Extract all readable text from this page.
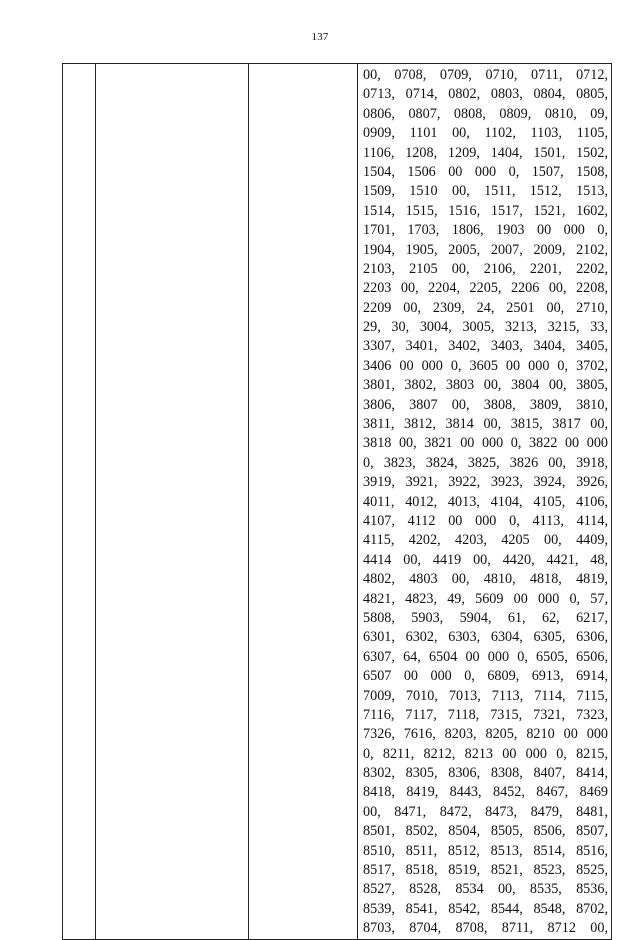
137

00, 0708, 0709, 0710, 0711, 0712,
0713, 0714, 0802, 0803, 0804, 0805,
0806, 0807, 0808, 0809, 0810, 09,
0909, 1101 00, 1102, 1103, 1105,
1106, 1208, 1209, 1404, 1501, 1502,
1504, 1506 00 000 0, 1507, 1508,
1509, 1510 00, 1511, 1512, 1513,
1514, 1515, 1516, 1517, 1521, 1602,
1701, 1703, 1806, 1903 00 000 0,
1904, 1905, 2005, 2007, 2009, 2102,
2103, 2105 00, 2106, 2201, 2202,
2203 00, 2204, 2205, 2206 00, 2208,
2209 00, 2309, 24, 2501 00, 2710,
29, 30, 3004, 3005, 3213, 3215, 33,
3307, 3401, 3402, 3403, 3404, 3405,
3406 00 000 0, 3605 00 000 0, 3702,
3801, 3802, 3803 00, 3804 00, 3805,
3806, 3807 00, 3808, 3809, 3810,
3811, 3812, 3814 00, 3815, 3817 00,
3818 00, 3821 00 000 0, 3822 00 000
0, 3823, 3824, 3825, 3826 00, 3918,
3919, 3921, 3922, 3923, 3924, 3926,
4011, 4012, 4013, 4104, 4105, 4106,
4107, 4112 00 000 0, 4113, 4114,
4115, 4202, 4203, 4205 00, 4409,
4414 00, 4419 00, 4420, 4421, 48,
4802, 4803 00, 4810, 4818, 4819,
4821, 4823, 49, 5609 00 000 0, 57,
5808, 5903, 5904, 61, 62, 6217,
6301, 6302, 6303, 6304, 6305, 6306,
6307, 64, 6504 00 000 0, 6505, 6506,
6507 00 000 0, 6809, 6913, 6914,
7009, 7010, 7013, 7113, 7114, 7115,
7116, 7117, 7118, 7315, 7321, 7323,
7326, 7616, 8203, 8205, 8210 00 000
0, 8211, 8212, 8213 00 000 0, 8215,
8302, 8305, 8306, 8308, 8407, 8414,
8418, 8419, 8443, 8452, 8467, 8469
00, 8471, 8472, 8473, 8479, 8481,
8501, 8502, 8504, 8505, 8506, 8507,
8510, 8511, 8512, 8513, 8514, 8516,
8517, 8518, 8519, 8521, 8523, 8525,
8527, 8528, 8534 00, 8535, 8536,
8539, 8541, 8542, 8544, 8548, 8702,
8703, 8704, 8708, 8711, 8712 00,
